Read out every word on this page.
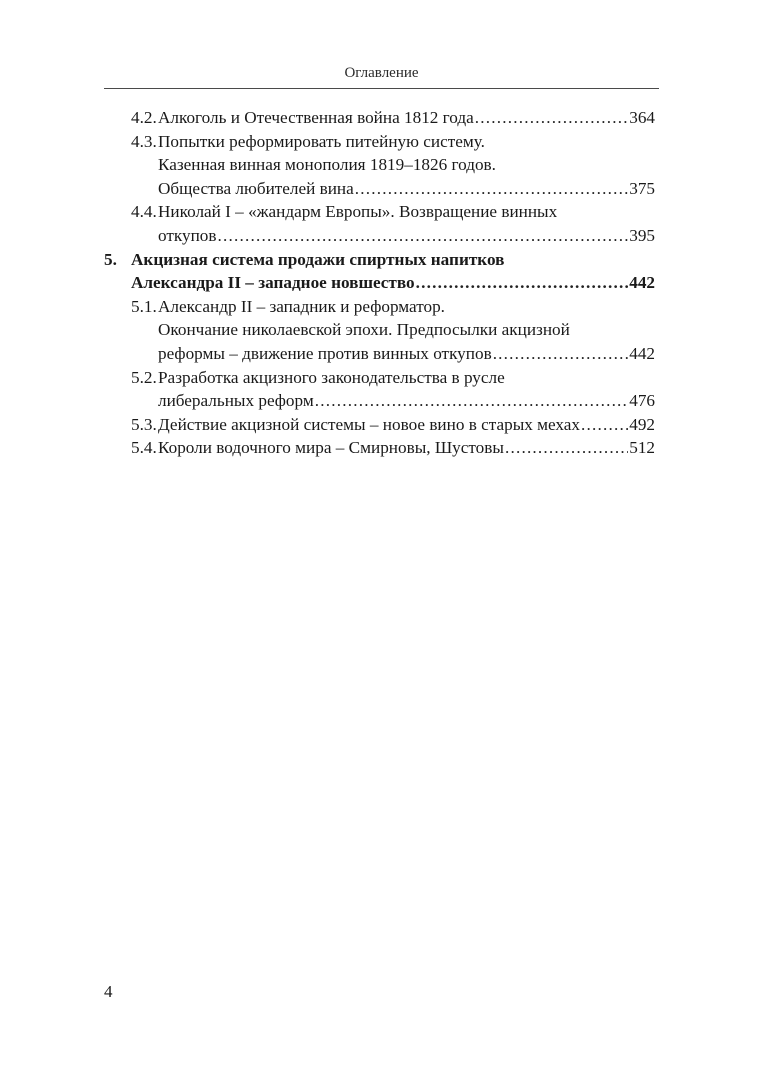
Оглавление
4.2. Алкоголь и Отечественная война 1812 года .....	364
4.3. Попытки реформировать питейную систему.
Казенная винная монополия 1819–1826 годов.
Общества любителей вина .....	375
4.4. Николай I – «жандарм Европы». Возвращение винных
откупов .....	395
5. Акцизная система продажи спиртных напитков
Александра II – западное новшество .....	442
5.1. Александр II – западник и реформатор.
Окончание николаевской эпохи. Предпосылки акцизной
реформы – движение против винных откупов .....	442
5.2. Разработка акцизного законодательства в русле
либеральных реформ .....	476
5.3. Действие акцизной системы – новое вино в старых мехах .....	492
5.4. Короли водочного мира – Смирновы, Шустовы .....	512
4
